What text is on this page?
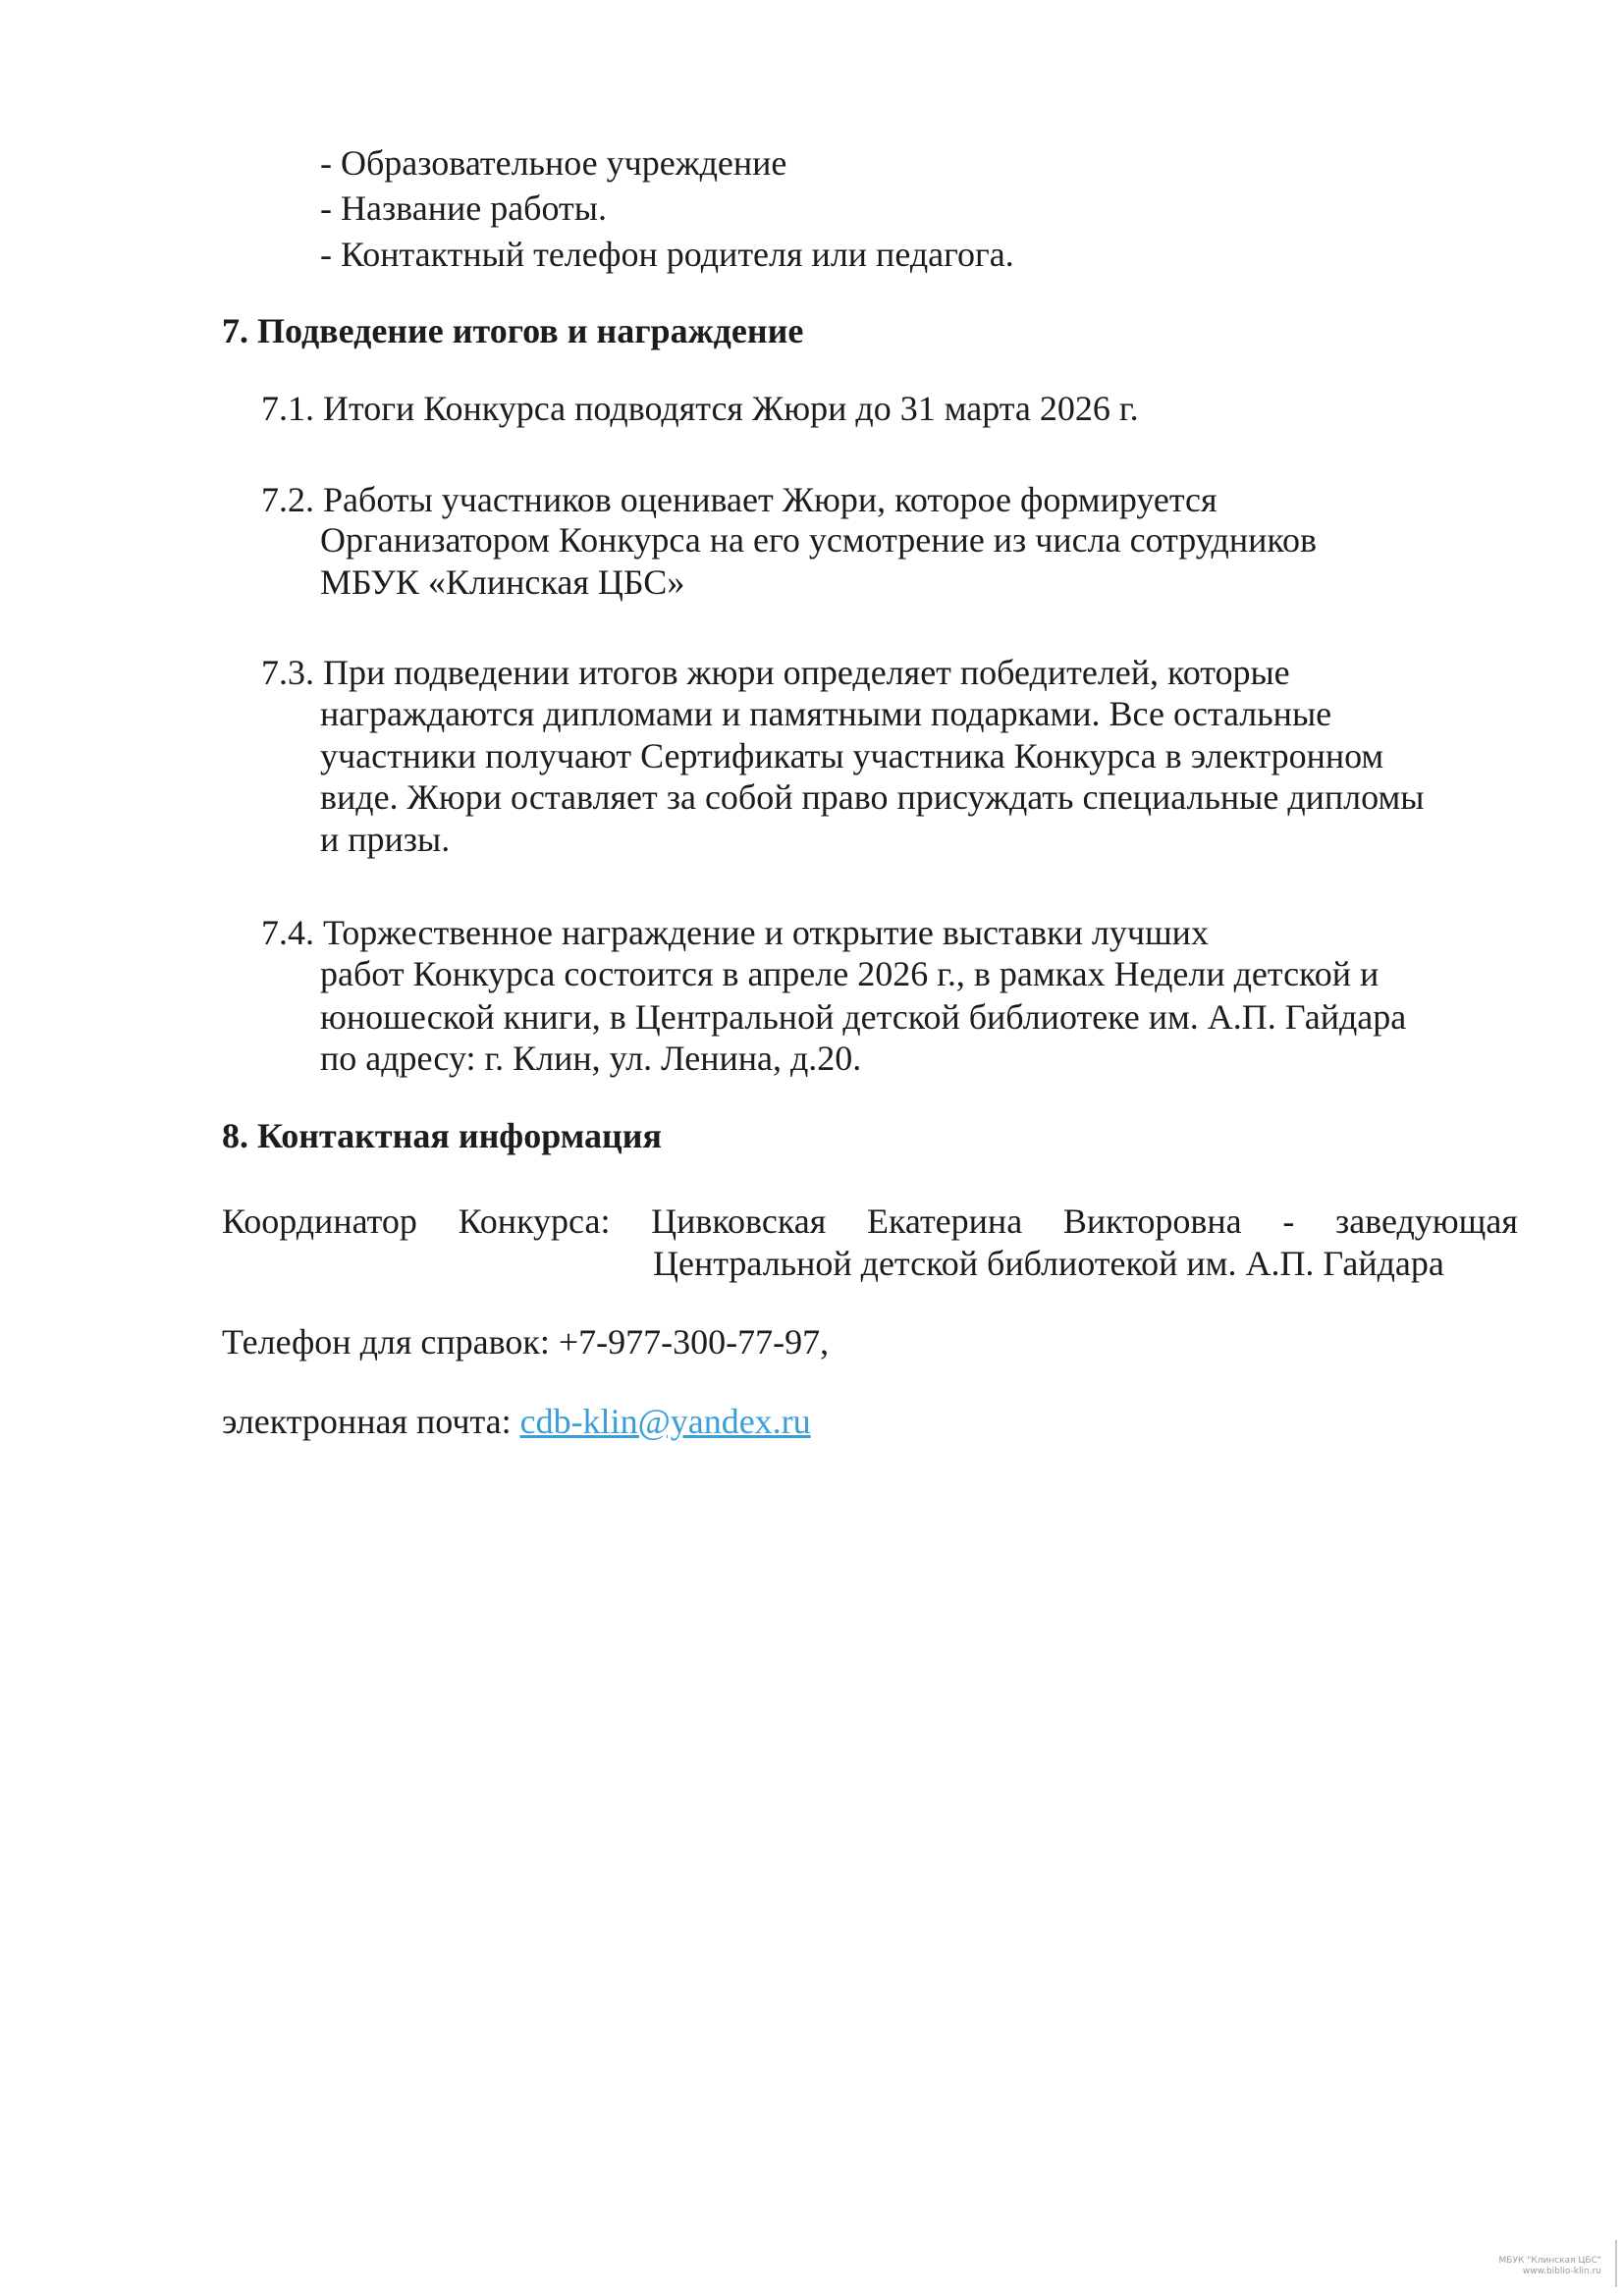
- Образовательное учреждение
- Название работы.
- Контактный телефон родителя или педагога.
7. Подведение итогов и награждение
7.1. Итоги Конкурса подводятся Жюри до 31 марта 2026 г.
7.2. Работы участников оценивает Жюри, которое формируется
Организатором Конкурса на его усмотрение из числа сотрудников
МБУК «Клинская ЦБС»
7.3. При подведении итогов жюри определяет победителей, которые
награждаются дипломами и памятными подарками. Все остальные
участники получают Сертификаты участника Конкурса в электронном
виде. Жюри оставляет за собой право присуждать специальные дипломы
и призы.
7.4. Торжественное награждение и открытие выставки лучших
работ Конкурса состоится в апреле 2026 г., в рамках Недели детской и
юношеской книги, в Центральной детской библиотеке им. А.П. Гайдара
по адресу: г. Клин, ул. Ленина, д.20.
8. Контактная информация
Координатор Конкурса: Цивковская Екатерина Викторовна - заведующая
Центральной детской библиотекой им. А.П. Гайдара
Телефон для справок: +7-977-300-77-97,
электронная почта: cdb-klin@yandex.ru
МБУК "Клинская ЦБС"
www.biblio-klin.ru
